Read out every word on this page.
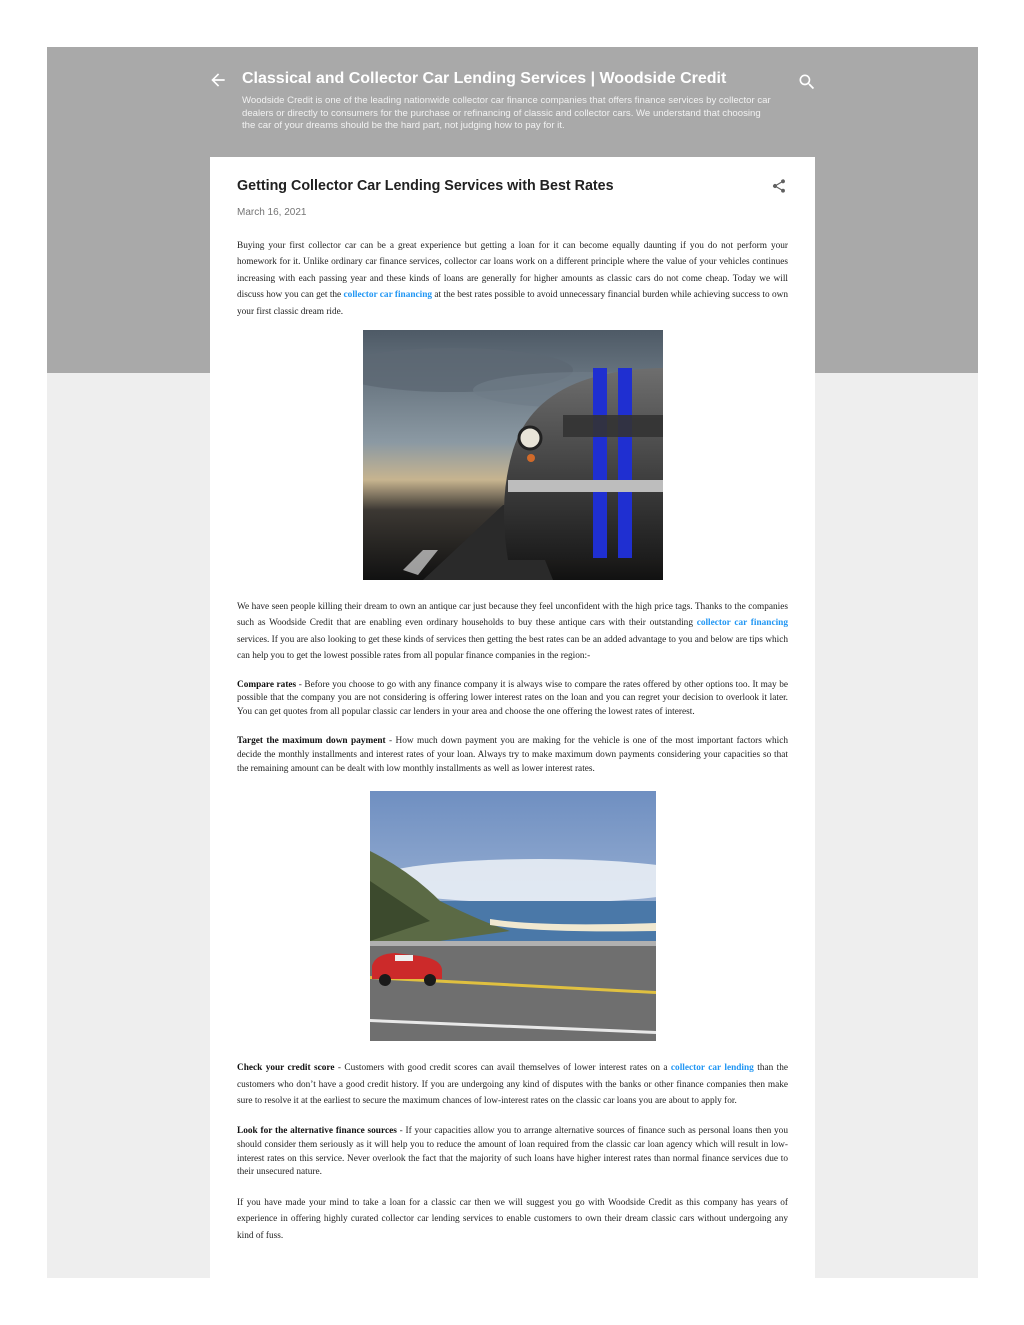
Classical and Collector Car Lending Services | Woodside Credit

Woodside Credit is one of the leading nationwide collector car finance companies that offers finance services by collector car dealers or directly to consumers for the purchase or refinancing of classic and collector cars. We understand that choosing the car of your dreams should be the hard part, not judging how to pay for it.

Getting Collector Car Lending Services with Best Rates
March 16, 2021

Buying your first collector car can be a great experience but getting a loan for it can become equally daunting if you do not perform your homework for it. Unlike ordinary car finance services, collector car loans work on a different principle where the value of your vehicles continues increasing with each passing year and these kinds of loans are generally for higher amounts as classic cars do not come cheap. Today we will discuss how you can get the collector car financing at the best rates possible to avoid unnecessary financial burden while achieving success to own your first classic dream ride.

We have seen people killing their dream to own an antique car just because they feel unconfident with the high price tags. Thanks to the companies such as Woodside Credit that are enabling even ordinary households to buy these antique cars with their outstanding collector car financing services. If you are also looking to get these kinds of services then getting the best rates can be an added advantage to you and below are tips which can help you to get the lowest possible rates from all popular finance companies in the region:-

Compare rates - Before you choose to go with any finance company it is always wise to compare the rates offered by other options too. It may be possible that the company you are not considering is offering lower interest rates on the loan and you can regret your decision to overlook it later. You can get quotes from all popular classic car lenders in your area and choose the one offering the lowest rates of interest.

Target the maximum down payment - How much down payment you are making for the vehicle is one of the most important factors which decide the monthly installments and interest rates of your loan. Always try to make maximum down payments considering your capacities so that the remaining amount can be dealt with low monthly installments as well as lower interest rates.

Check your credit score - Customers with good credit scores can avail themselves of lower interest rates on a collector car lending than the customers who don’t have a good credit history. If you are undergoing any kind of disputes with the banks or other finance companies then make sure to resolve it at the earliest to secure the maximum chances of low-interest rates on the classic car loans you are about to apply for.

Look for the alternative finance sources - If your capacities allow you to arrange alternative sources of finance such as personal loans then you should consider them seriously as it will help you to reduce the amount of loan required from the classic car loan agency which will result in low-interest rates on this service. Never overlook the fact that the majority of such loans have higher interest rates than normal finance services due to their unsecured nature.

If you have made your mind to take a loan for a classic car then we will suggest you go with Woodside Credit as this company has years of experience in offering highly curated collector car lending services to enable customers to own their dream classic cars without undergoing any kind of fuss.
